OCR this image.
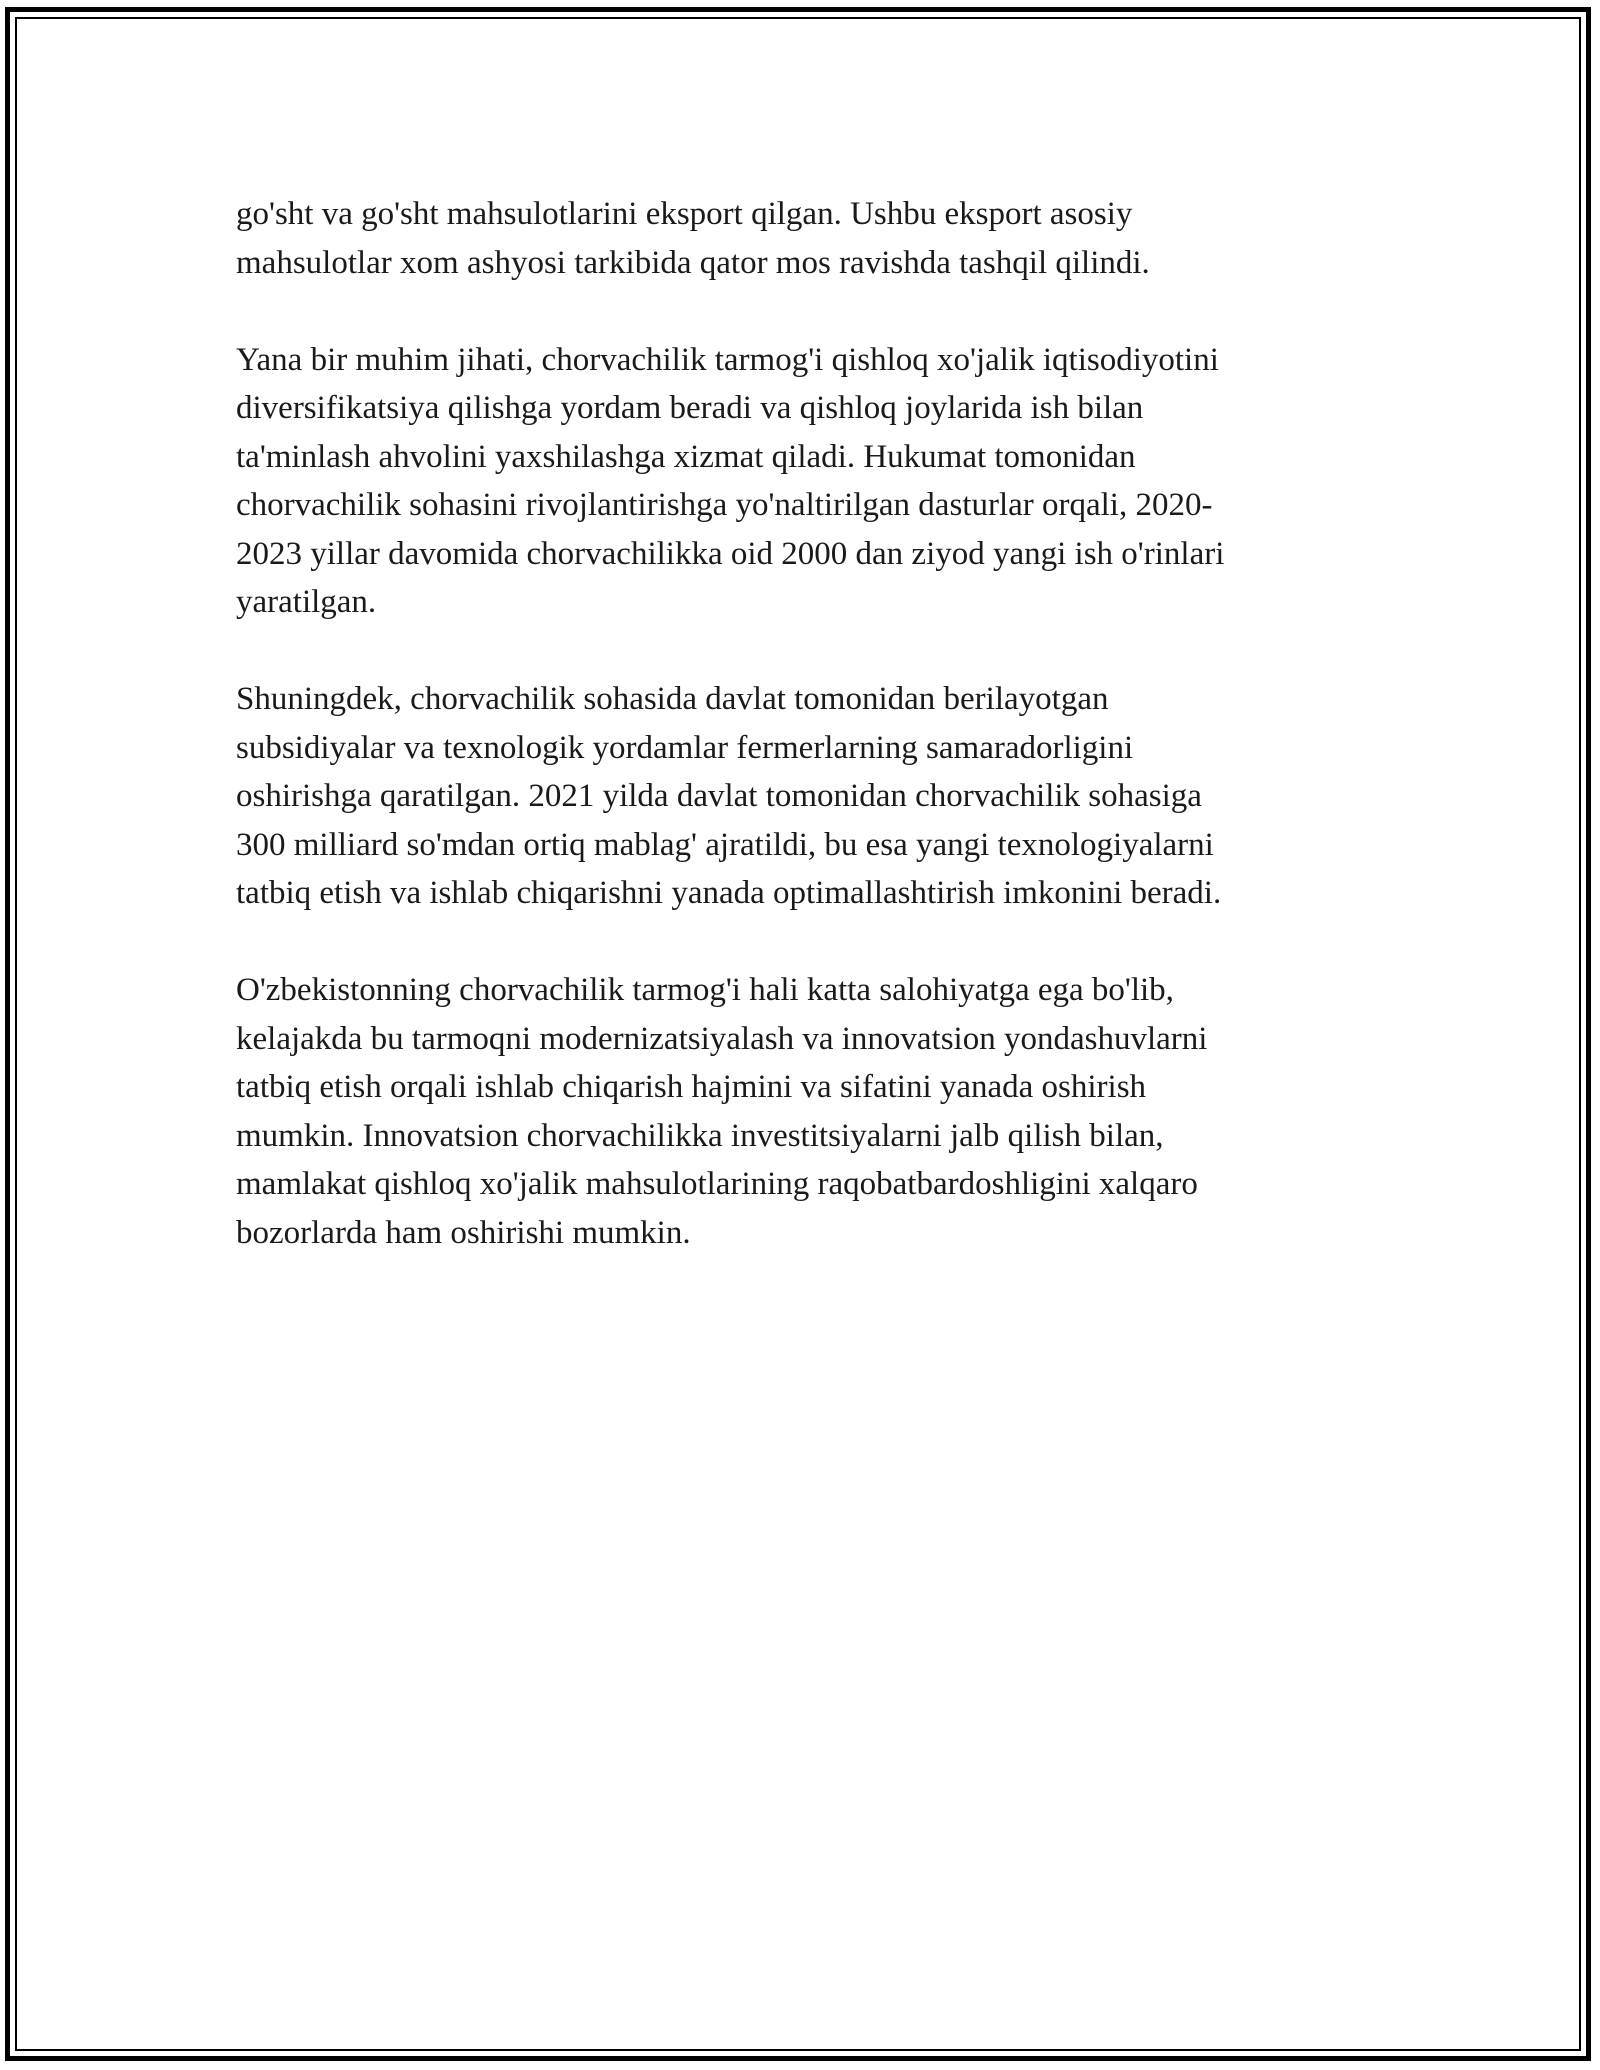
go'sht va go'sht mahsulotlarini eksport qilgan. Ushbu eksport asosiy
mahsulotlar xom ashyosi tarkibida qator mos ravishda tashqil qilindi.

Yana bir muhim jihati, chorvachilik tarmog'i qishloq xo'jalik iqtisodiyotini
diversifikatsiya qilishga yordam beradi va qishloq joylarida ish bilan
ta'minlash ahvolini yaxshilashga xizmat qiladi. Hukumat tomonidan
chorvachilik sohasini rivojlantirishga yo'naltirilgan dasturlar orqali, 2020-
2023 yillar davomida chorvachilikka oid 2000 dan ziyod yangi ish o'rinlari
yaratilgan.

Shuningdek, chorvachilik sohasida davlat tomonidan berilayotgan
subsidiyalar va texnologik yordamlar fermerlarning samaradorligini
oshirishga qaratilgan. 2021 yilda davlat tomonidan chorvachilik sohasiga
300 milliard so'mdan ortiq mablag' ajratildi, bu esa yangi texnologiyalarni
tatbiq etish va ishlab chiqarishni yanada optimallashtirish imkonini beradi.

O'zbekistonning chorvachilik tarmog'i hali katta salohiyatga ega bo'lib,
kelajakda bu tarmoqni modernizatsiyalash va innovatsion yondashuvlarni
tatbiq etish orqali ishlab chiqarish hajmini va sifatini yanada oshirish
mumkin. Innovatsion chorvachilikka investitsiyalarni jalb qilish bilan,
mamlakat qishloq xo'jalik mahsulotlarining raqobatbardoshligini xalqaro
bozorlarda ham oshirishi mumkin.
